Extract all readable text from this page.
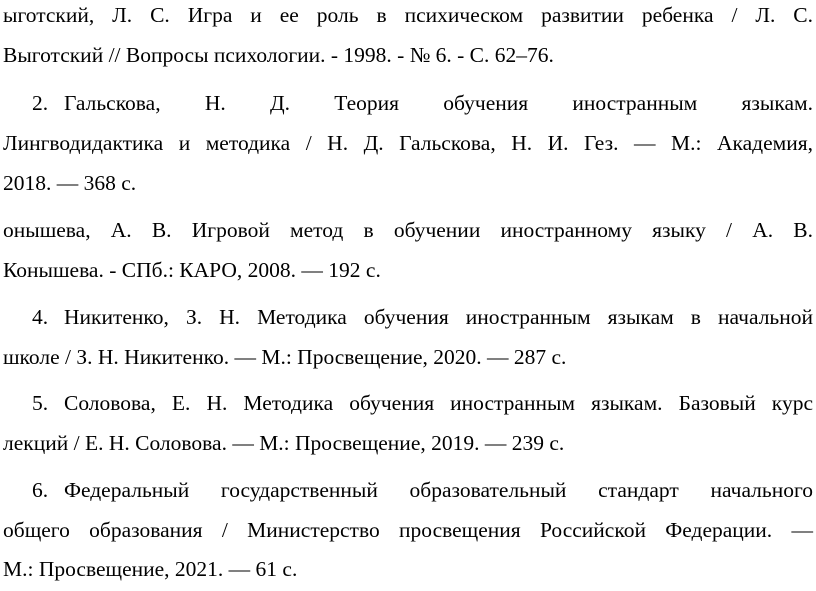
ыготский, Л. С. Игра и ее роль в психическом развитии ребенка / Л. С.
Выготский // Вопросы психологии. - 1998. - № 6. - С. 62–76.
2. Гальскова, Н. Д. Теория обучения иностранным языкам.
Лингводидактика и методика / Н. Д. Гальскова, Н. И. Гез. — М.: Академия,
2018. — 368 с.
онышева, А. В. Игровой метод в обучении иностранному языку / А. В.
Конышева. - СПб.: КАРО, 2008. — 192 с.
4. Никитенко, З. Н. Методика обучения иностранным языкам в начальной
школе / З. Н. Никитенко. — М.: Просвещение, 2020. — 287 с.
5. Соловова, Е. Н. Методика обучения иностранным языкам. Базовый курс
лекций / Е. Н. Соловова. — М.: Просвещение, 2019. — 239 с.
6. Федеральный государственный образовательный стандарт начального
общего образования / Министерство просвещения Российской Федерации. —
М.: Просвещение, 2021. — 61 с.
